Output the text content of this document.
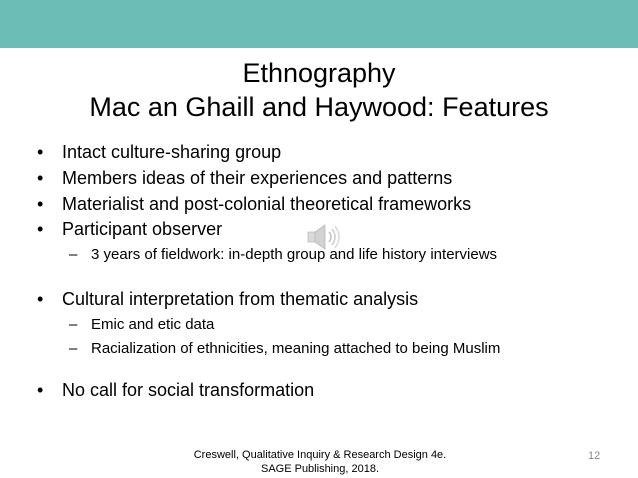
Ethnography
Mac an Ghaill and Haywood: Features
• Intact culture-sharing group
• Members ideas of their experiences and patterns
• Materialist and post-colonial theoretical frameworks
• Participant observer
– 3 years of fieldwork: in-depth group and life history interviews
• Cultural interpretation from thematic analysis
– Emic and etic data
– Racialization of ethnicities, meaning attached to being Muslim
• No call for social transformation
Creswell, Qualitative Inquiry & Research Design 4e.
SAGE Publishing, 2018.
12
